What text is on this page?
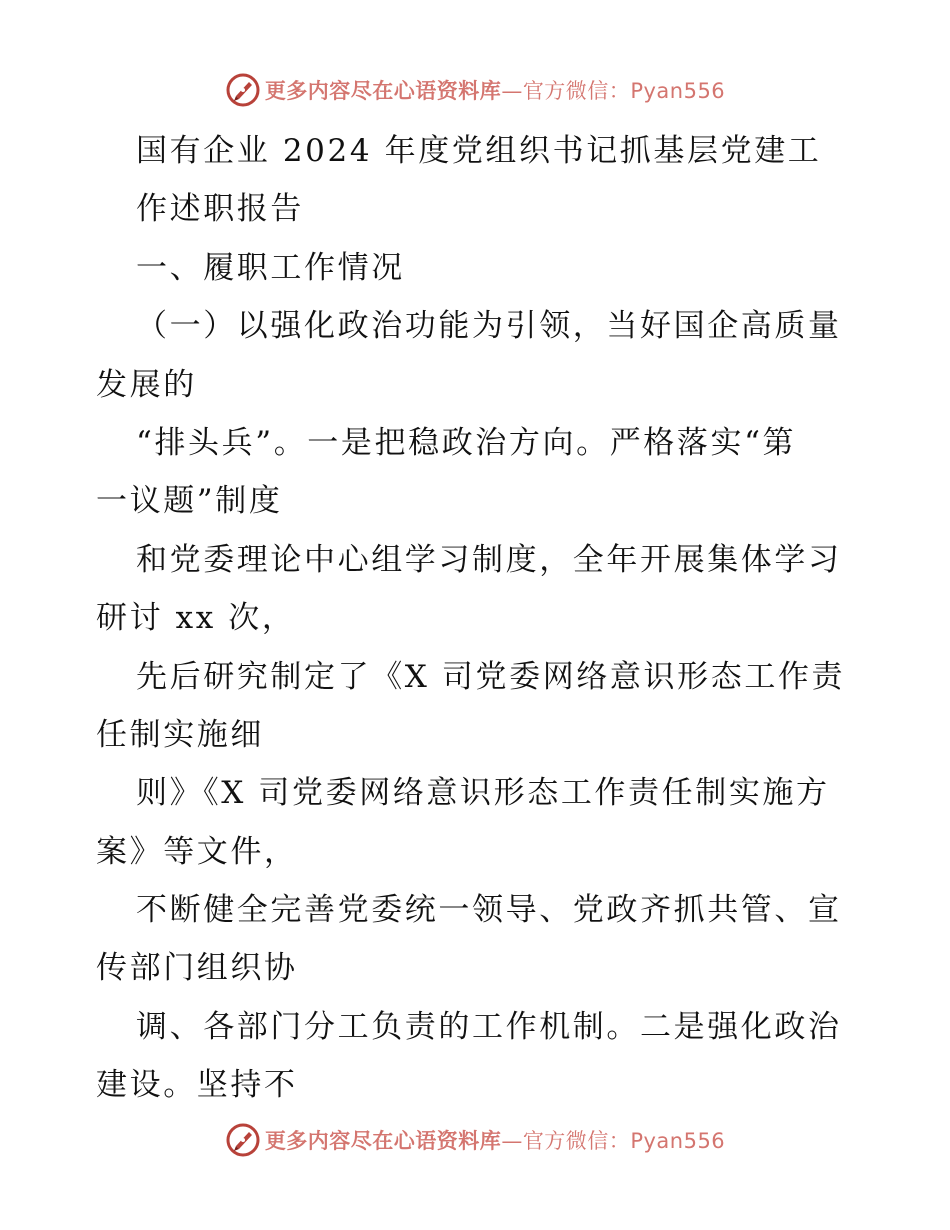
更多内容尽在心语资料库—官方微信：Pyan556
国有企业 2024 年度党组织书记抓基层党建工
作述职报告
一、履职工作情况
（一）以强化政治功能为引领，当好国企高质量
发展的
“排头兵”。一是把稳政治方向。严格落实“第
一议题”制度
和党委理论中心组学习制度，全年开展集体学习
研讨 xx 次，
先后研究制定了《X 司党委网络意识形态工作责
任制实施细
则》《X 司党委网络意识形态工作责任制实施方
案》等文件，
不断健全完善党委统一领导、党政齐抓共管、宣
传部门组织协
调、各部门分工负责的工作机制。二是强化政治
建设。坚持不
更多内容尽在心语资料库—官方微信：Pyan556
